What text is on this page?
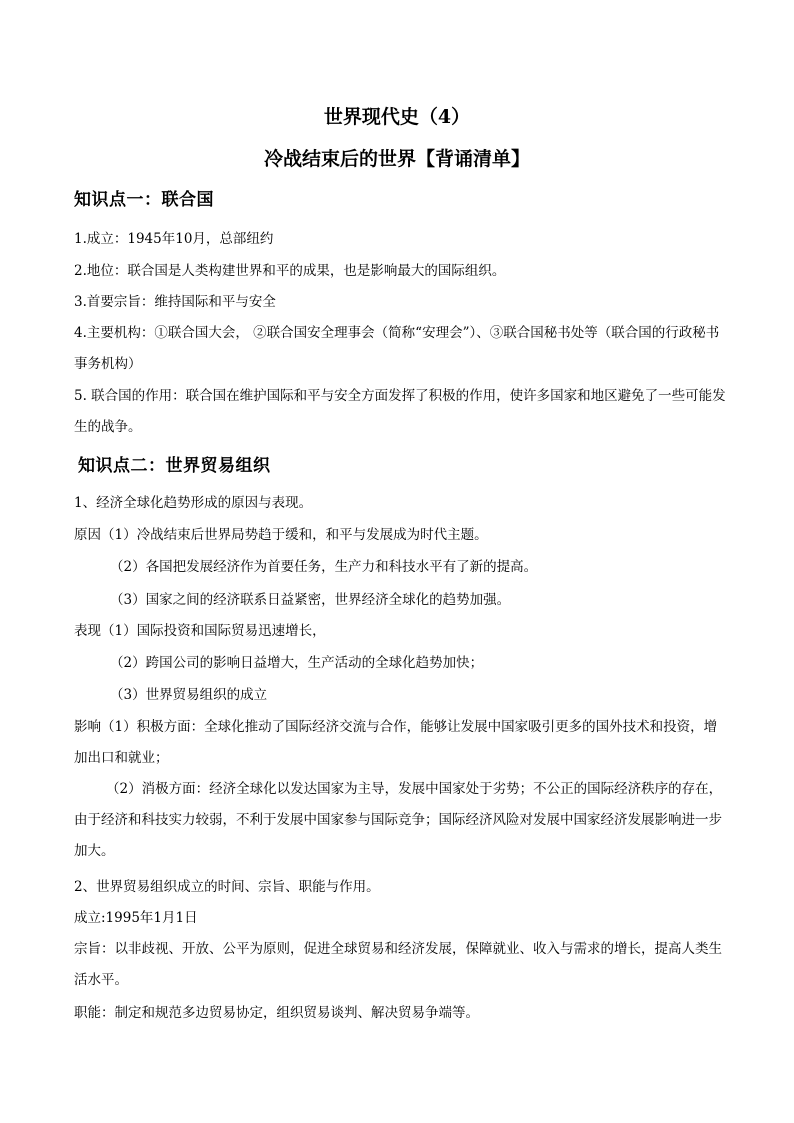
世界现代史（4）
冷战结束后的世界【背诵清单】
知识点一：联合国

1.成立：1945年10月，总部纽约

2.地位：联合国是人类构建世界和平的成果，也是影响最大的国际组织。

3.首要宗旨：维持国际和平与安全

4.主要机构：①联合国大会， ②联合国安全理事会（简称“安理会”）、③联合国秘书处等（联合国的行政秘书事务机构）

5. 联合国的作用：联合国在维护国际和平与安全方面发挥了积极的作用，使许多国家和地区避免了一些可能发生的战争。

知识点二：世界贸易组织

1、经济全球化趋势形成的原因与表现。

原因（1）冷战结束后世界局势趋于缓和，和平与发展成为时代主题。

（2）各国把发展经济作为首要任务，生产力和科技水平有了新的提高。

（3）国家之间的经济联系日益紧密，世界经济全球化的趋势加强。

表现（1）国际投资和国际贸易迅速增长，

（2）跨国公司的影响日益增大，生产活动的全球化趋势加快；

（3）世界贸易组织的成立

影响（1）积极方面：全球化推动了国际经济交流与合作，能够让发展中国家吸引更多的国外技术和投资，增加出口和就业；

（2）消极方面：经济全球化以发达国家为主导，发展中国家处于劣势；不公正的国际经济秩序的存在，由于经济和科技实力较弱，不利于发展中国家参与国际竞争；国际经济风险对发展中国家经济发展影响进一步加大。

2、世界贸易组织成立的时间、宗旨、职能与作用。

成立:1995年1月1日

宗旨：以非歧视、开放、公平为原则，促进全球贸易和经济发展，保障就业、收入与需求的增长，提高人类生活水平。

职能：制定和规范多边贸易协定，组织贸易谈判、解决贸易争端等。
